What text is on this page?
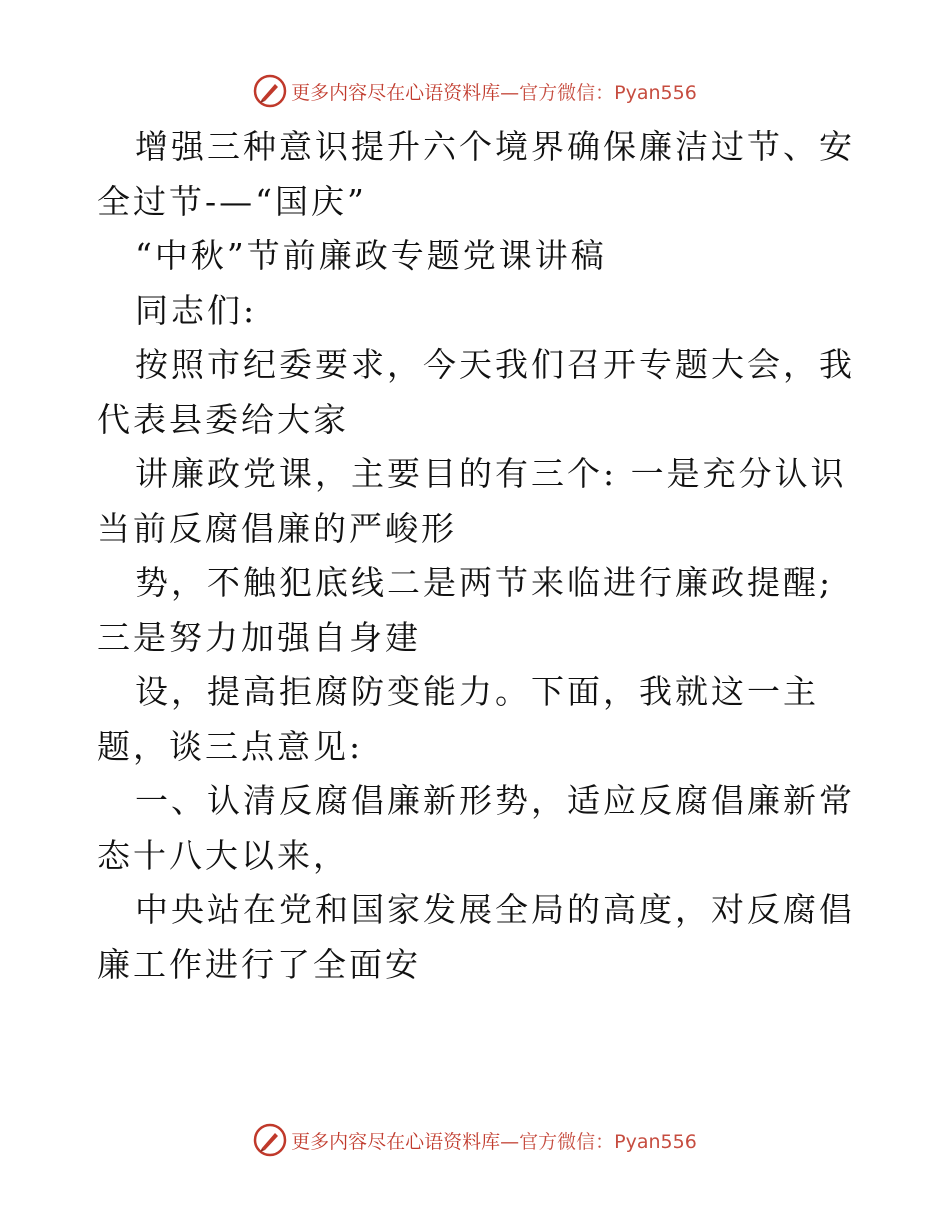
更多内容尽在心语资料库 —官方微信：Pyan556

增强三种意识提升六个境界确保廉洁过节、安全过节-—“国庆”

“中秋”节前廉政专题党课讲稿

同志们:

按照市纪委要求，今天我们召开专题大会，我代表县委给大家

讲廉政党课，主要目的有三个: 一是充分认识当前反腐倡廉的严峻形

势，不触犯底线二是两节来临进行廉政提醒; 三是努力加强自身建

设，提高拒腐防变能力。下面，我就这一主题，谈三点意见:

一、认清反腐倡廉新形势，适应反腐倡廉新常态十八大以来，

中央站在党和国家发展全局的高度，对反腐倡廉工作进行了全面安

更多内容尽在心语资料库 —官方微信：Pyan556
